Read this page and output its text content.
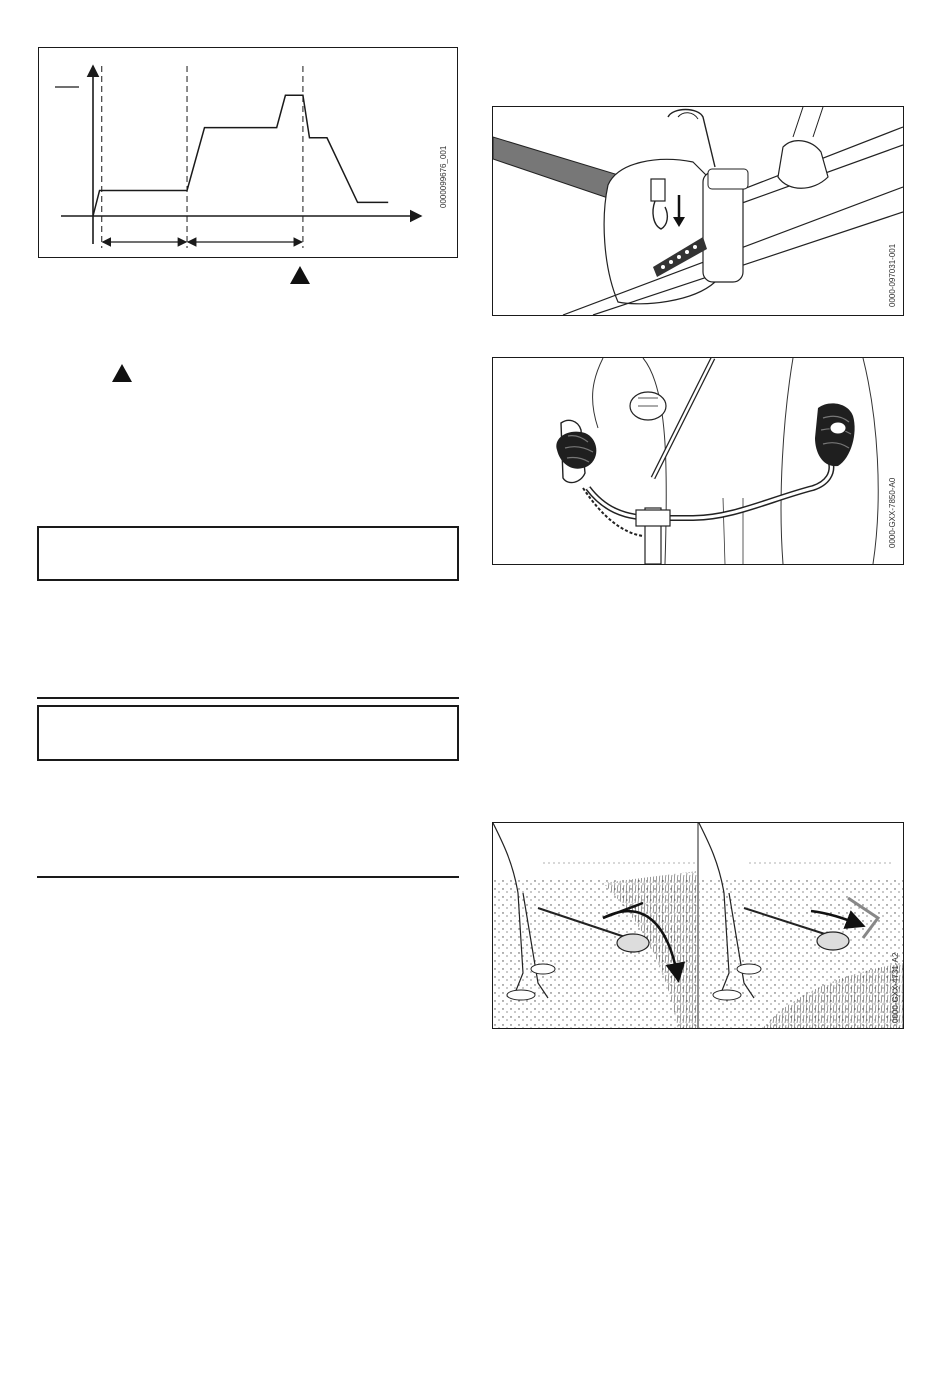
0000099676_001
0000-097031-001
0000-GXX-7850-A0
0000-GXX-4731-A2
